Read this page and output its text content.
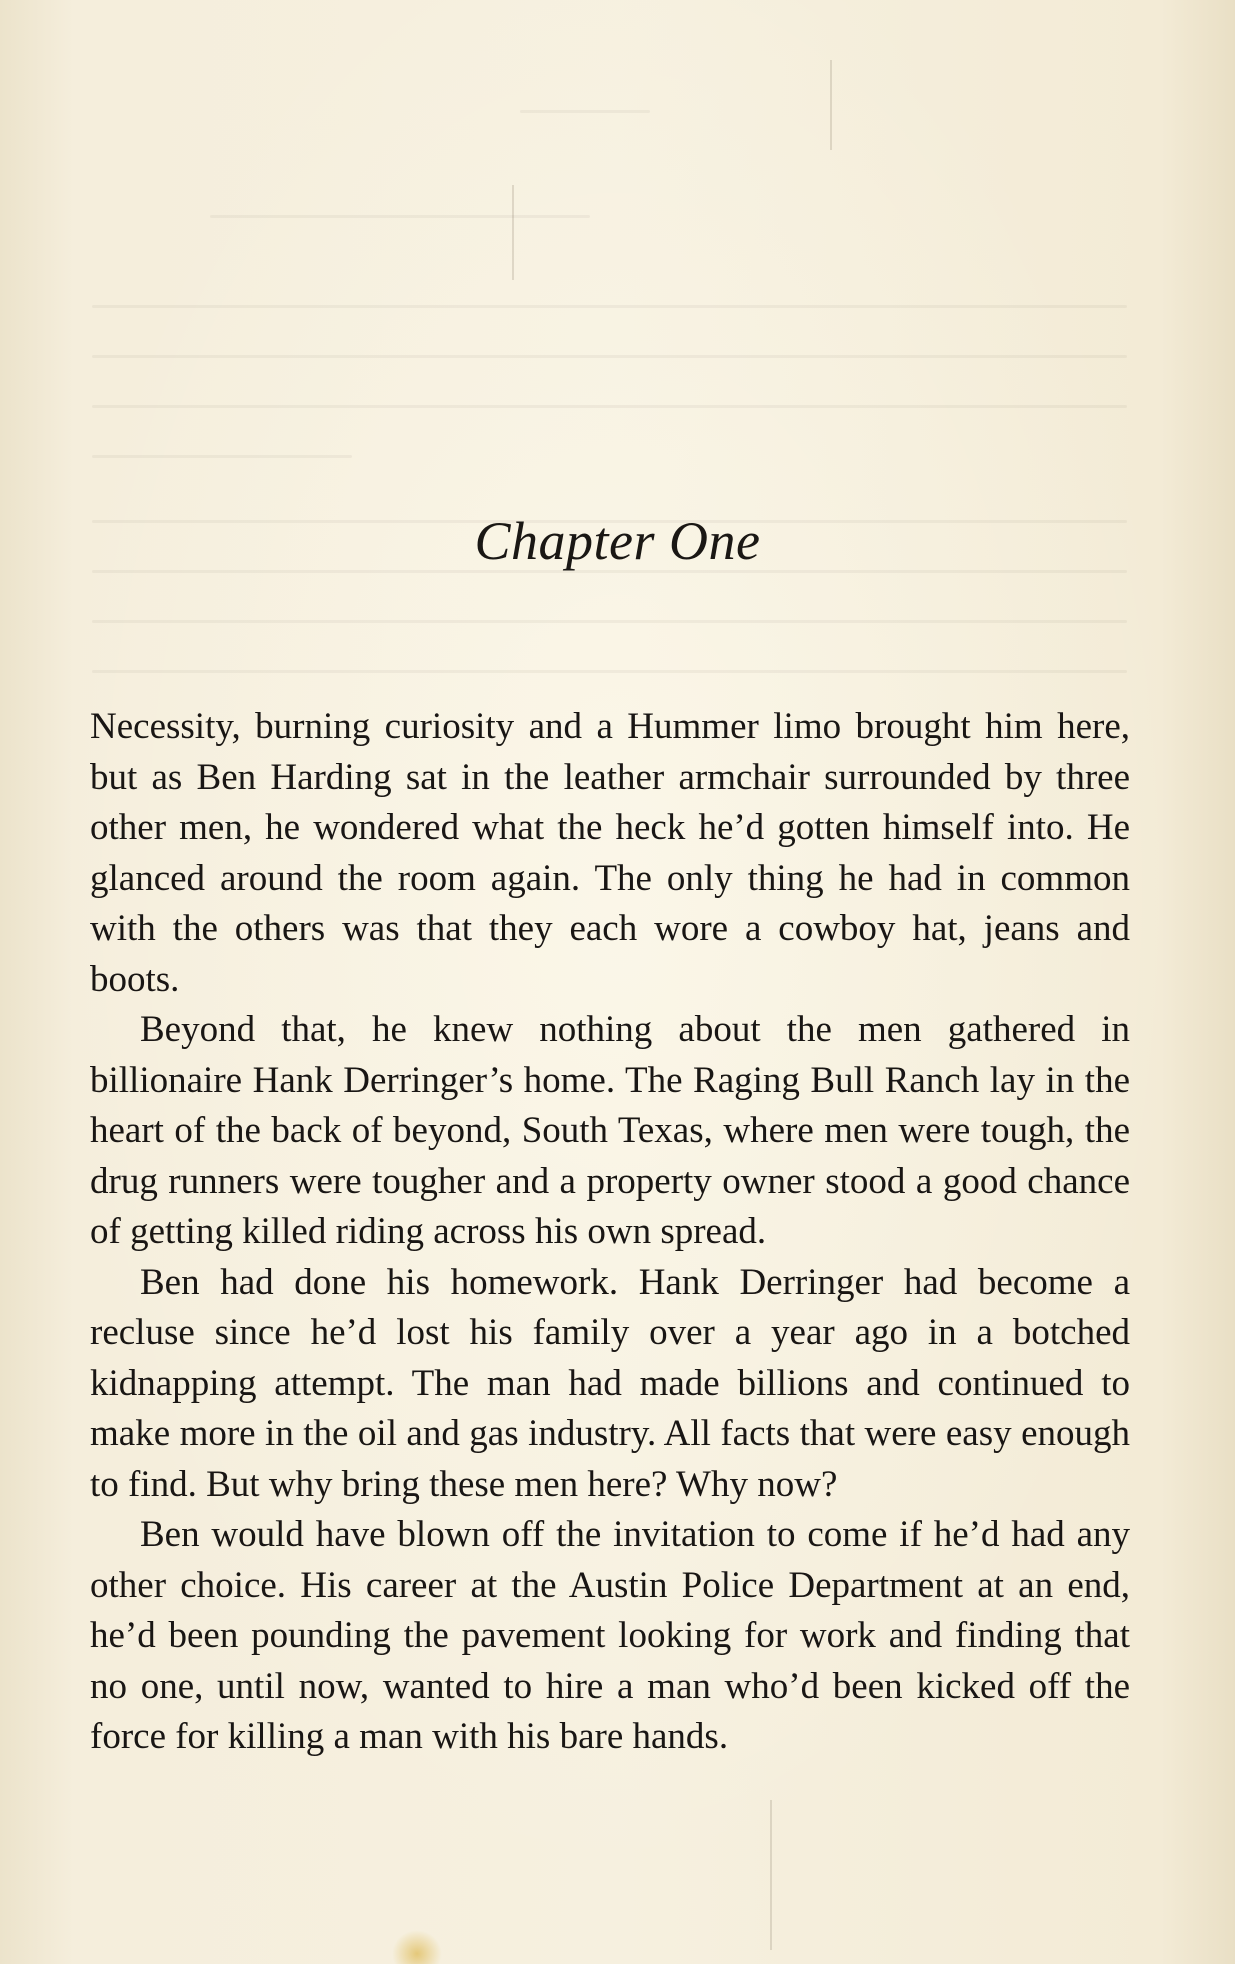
Chapter One

Necessity, burning curiosity and a Hummer limo brought him here, but as Ben Harding sat in the leather armchair surrounded by three other men, he wondered what the heck he’d gotten himself into. He glanced around the room again. The only thing he had in common with the others was that they each wore a cowboy hat, jeans and boots.

Beyond that, he knew nothing about the men gathered in billionaire Hank Derringer’s home. The Raging Bull Ranch lay in the heart of the back of beyond, South Texas, where men were tough, the drug runners were tougher and a property owner stood a good chance of getting killed riding across his own spread.

Ben had done his homework. Hank Derringer had become a recluse since he’d lost his family over a year ago in a botched kidnapping attempt. The man had made billions and continued to make more in the oil and gas industry. All facts that were easy enough to find. But why bring these men here? Why now?

Ben would have blown off the invitation to come if he’d had any other choice. His career at the Austin Police Department at an end, he’d been pounding the pavement looking for work and finding that no one, until now, wanted to hire a man who’d been kicked off the force for killing a man with his bare hands.
